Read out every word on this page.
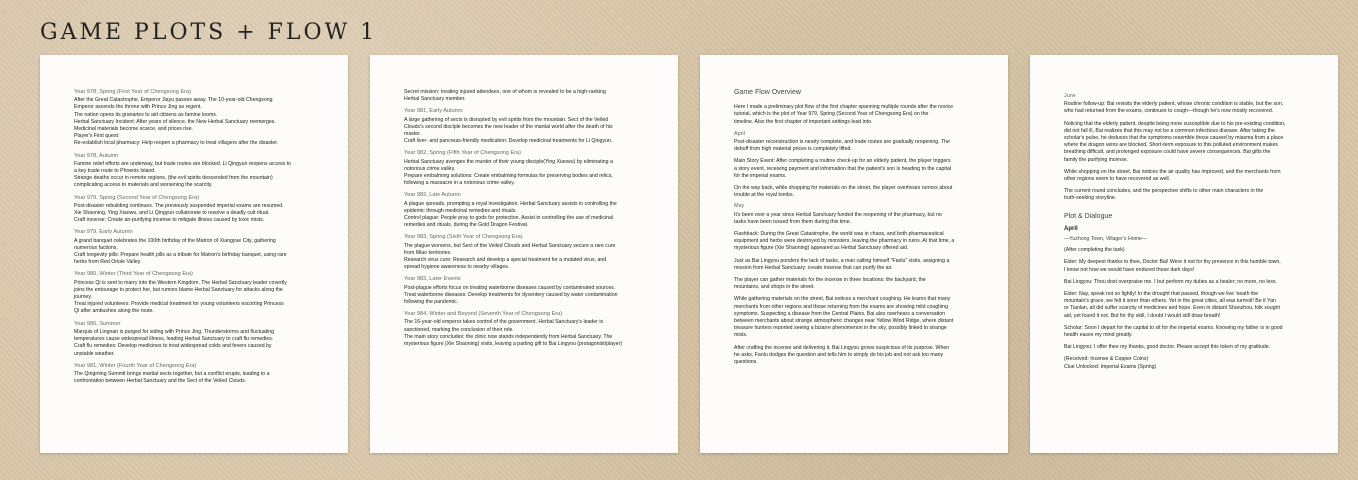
GAME PLOTS + FLOW 1
Year 978, Spring (First Year of Chengsong Era)
After the Great Catastrophe, Emperor Jiayu passes away. The 10-year-old Chengsong
Emperor ascends the throne with Prince Jing as regent.
The nation opens its granaries to aid citizens as famine looms.
Herbal Sanctuary Incident: After years of silence, the New Herbal Sanctuary reemerges.
Medicinal materials become scarce, and prices rise.
Player's First quest:
Re-establish local pharmacy: Help reopen a pharmacy to treat villagers after the disaster.
Year 978, Autumn
Famine relief efforts are underway, but trade routes are blocked. Li Qingyun reopens access to
a key trade route to Phoenix Island.
Strange deaths occur in remote regions, (the evil spirits descended from the mountain)
complicating access to materials and worsening the scarcity.
Year 979, Spring (Second Year of Chengsong Era)
Post-disaster rebuilding continues. The previously suspended imperial exams are resumed.
Xie Shaoning, Ying Xiaowu, and Li Qingyun collaborate to resolve a deadly cult ritual.
Craft incense: Create air-purifying incense to mitigate illness caused by toxic mists.
Year 979, Early Autumn
A grand banquet celebrates the 100th birthday of the Matron of Xiangyue City, gathering
numerous factions.
Craft longevity pills: Prepare health pills as a tribute for Matron's birthday banquet, using rare
herbs from Red Oriole Valley.
Year 980, Winter (Third Year of Chengsong Era)
Princess Qi is sent to marry into the Western Kingdom. The Herbal Sanctuary leader covertly
joins the entourage to protect her, but rumors blame Herbal Sanctuary for attacks along the
journey.
Treat injured volunteers: Provide medical treatment for young volunteers escorting Princess
Qi after ambushes along the route.
Year 980, Summer
Marquis of Lingnan is purged for siding with Prince Jing. Thunderstorms and fluctuating
temperatures cause widespread illness, leading Herbal Sanctuary to craft flu remedies.
Craft flu remedies: Develop medicines to treat widespread colds and fevers caused by
unstable weather.
Year 981, Winter (Fourth Year of Chengsong Era)
The Qingming Summit brings martial sects together, but a conflict erupts, leading to a
confrontation between Herbal Sanctuary and the Sect of the Veiled Clouds.
Secret mission: treating injured attendees, one of whom is revealed to be a high-ranking
Herbal Sanctuary member.
Year 981, Early Autumn
A large gathering of sects is disrupted by evil spirits from the mountain. Sect of the Veiled
Clouds's second disciple becomes the new leader of the martial world after the death of his
master.
Craft liver- and pancreas-friendly medication: Develop medicinal treatments for Li Qingyun.
Year 982, Spring (Fifth Year of Chengsong Era)
Herbal Sanctuary avenges the murder of their young disciple(Ying Xiaowu) by eliminating a
notorious crime valley.
Prepare embalming solutions: Create embalming formulas for preserving bodies and relics,
following a massacre in a notorious crime valley.
Year 982, Late Autumn
A plague spreads, prompting a royal investigation. Herbal Sanctuary assists in controlling the
epidemic through medicinal remedies and rituals.
Control plague: People pray to gods for protection. Assist in controlling the use of medicinal
remedies and rituals, during the Gold Dragon Festival.
Year 983, Spring (Sixth Year of Chengsong Era)
The plague worsens, but Sect of the Veiled Clouds and Herbal Sanctuary secure a rare cure
from Miao territories.
Research virus cure: Research and develop a special treatment for a mutated virus, and
spread hygiene awareness to nearby villages.
Year 983, Later Events
Post-plague efforts focus on treating waterborne diseases caused by contaminated sources.
Treat waterborne diseases: Develop treatments for dysentery caused by water contamination
following the pandemic.
Year 984, Winter and Beyond (Seventh Year of Chengsong Era)
The 16-year-old emperor takes control of the government. Herbal Sanctuary's leader is
sanctioned, marking the conclusion of their role.
The main story concludes: the clinic now stands independently from Herbal Sanctuary. The
mysterious figure (Xie Shaoning) visits, leaving a parting gift to Bai Lingyou (protagonist/player)
Game Flow Overview
Here I made a preliminary plot flow of the first chapter spanning multiple rounds after the novice
tutorial, which is the plot of Year 979, Spring (Second Year of Chengsong Era) on the
timeline. Also the first chapter of important settings lead into.
April
Post-disaster reconstruction is nearly complete, and trade routes are gradually reopening. The
debuff from high material prices is completely lifted.
Main Story Event: After completing a routine check-up for an elderly patient, the player triggers
a story event, receiving payment and information that the patient's son is heading to the capital
for the imperial exams.
On the way back, while shopping for materials on the street, the player overhears rumors about
trouble at the royal tombs.
May
It's been over a year since Herbal Sanctuary funded the reopening of the pharmacy, but no
tasks have been issued from them during this time.
Flashback: During the Great Catastrophe, the world was in chaos, and both pharmaceutical
equipment and herbs were destroyed by monsters, leaving the pharmacy in ruins. At that time, a
mysterious figure (Xie Shaoning) appeared as Herbal Sanctuary offered aid.
Just as Bai Lingyou ponders the lack of tasks, a man calling himself "Fanlu" visits, assigning a
mission from Herbal Sanctuary: create incense that can purify the air.
The player can gather materials for the incense in three locations: the backyard, the
mountains, and shops in the street.
While gathering materials on the street, Bai notices a merchant coughing. He learns that many
merchants from other regions and those returning from the exams are showing mild coughing
symptoms. Suspecting a disease from the Central Plains, Bai also overhears a conversation
between merchants about strange atmospheric changes near Yellow Wind Ridge, where distant
treasure hunters reported seeing a bizarre phenomenon in the sky, possibly linked to strange
mists.
After crafting the incense and delivering it, Bai Lingyou grows suspicious of its purpose. When
he asks, Fanlu dodges the question and tells him to simply do his job and not ask too many
questions.
June
Routine follow-up: Bai revisits the elderly patient, whose chronic condition is stable, but the son,
who had returned from the exams, continues to cough—though he's now mostly recovered.
Noticing that the elderly patient, despite being more susceptible due to his pre-existing condition,
did not fall ill, Bai realizes that this may not be a common infectious disease. After taking the
scholar's pulse, he deduces that the symptoms resemble those caused by miasma from a place
where the dragon veins are blocked. Short-term exposure to this polluted environment makes
breathing difficult, and prolonged exposure could have severe consequences. Bai gifts the
family the purifying incense.
While shopping on the street, Bai notices the air quality has improved, and the merchants from
other regions seem to have recovered as well.
The current round concludes, and the perspective shifts to other main characters in the
truth-seeking storyline.
Plot & Dialogue
April
—Yuzhong Town, Villager's Home—
(After completing the task)
Elder: My deepest thanks to thee, Doctor Bai! Were it not for thy presence in this humble town,
I know not how we would have endured those dark days!
Bai Lingyou: Thou dost overpraise me. I but perform my duties as a healer; no more, no less.
Elder: Nay, speak not so lightly! In the drought that passed, though we live 'neath the
mountain's grace, we felt it sorer than others. Yet in the great cities, all was turmoil! Be it Yan
or Tianlan, all did suffer scarcity of medicines and hope. Even in distant Shanzhou, folk sought
aid, yet found it not. But for thy skill, I doubt I would still draw breath!
Scholar: Soon I depart for the capital to sit for the imperial exams. Knowing my father is in good
health eases my mind greatly.
Bai Lingyou: I offer thee my thanks, good doctor. Please accept this token of my gratitude.
(Received: Incense & Copper Coins)
Clue Unlocked: Imperial Exams (Spring)
